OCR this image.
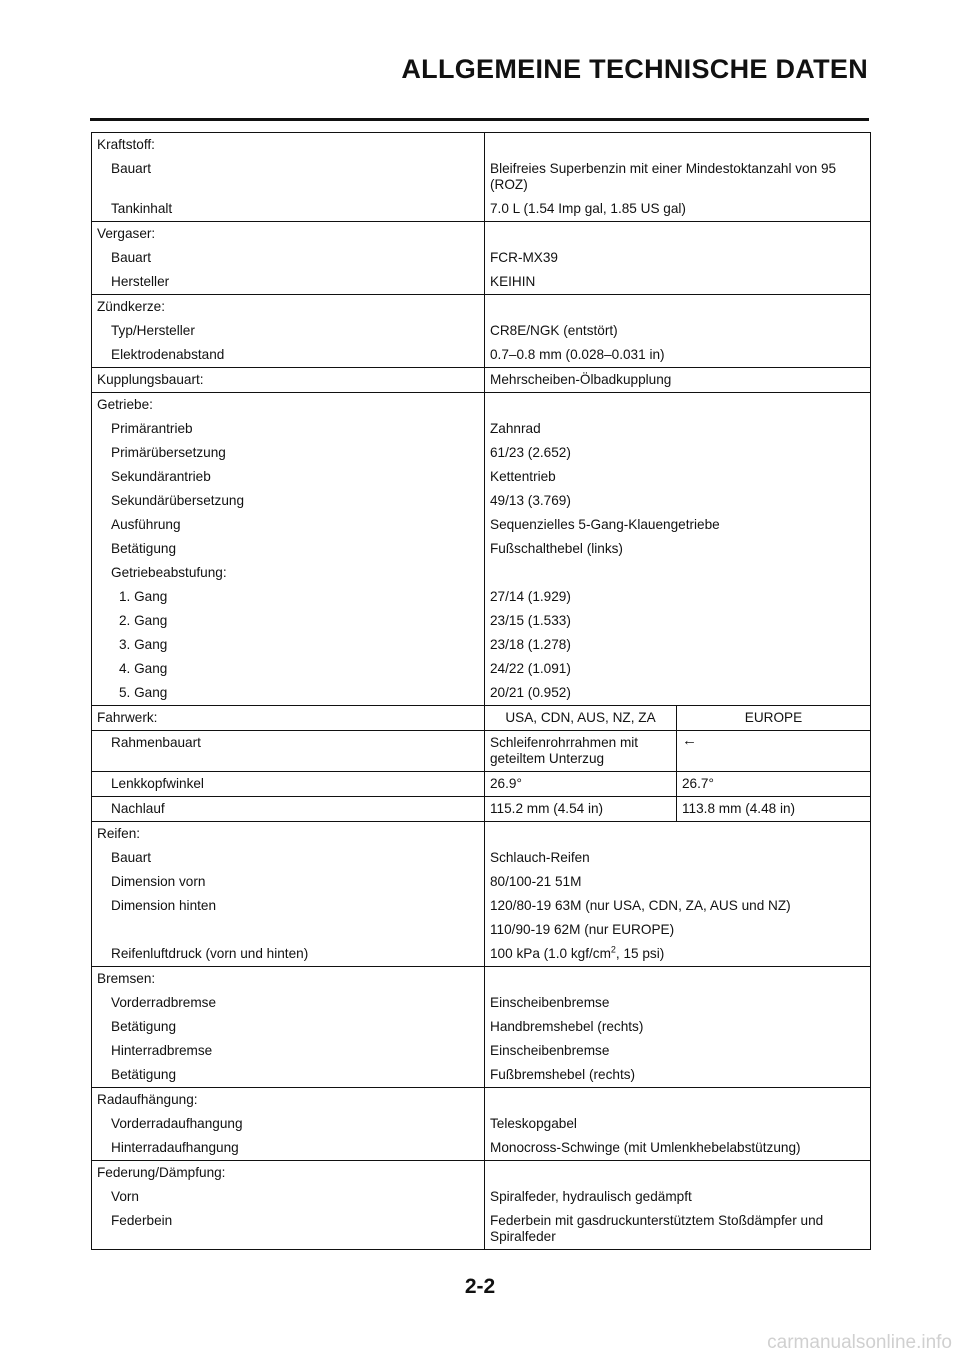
ALLGEMEINE TECHNISCHE DATEN
Kraftstoff:		
Bauart	Bleifreies Superbenzin mit einer Mindestoktanzahl von 95 (ROZ)	
Tankinhalt	7.0 L (1.54 Imp gal, 1.85 US gal)	
Vergaser:		
Bauart	FCR-MX39	
Hersteller	KEIHIN	
Zündkerze:		
Typ/Hersteller	CR8E/NGK (entstört)	
Elektrodenabstand	0.7–0.8 mm (0.028–0.031 in)	
Kupplungsbauart:	Mehrscheiben-Ölbadkupplung	
Getriebe:		
Primärantrieb	Zahnrad	
Primärübersetzung	61/23 (2.652)	
Sekundärantrieb	Kettentrieb	
Sekundärübersetzung	49/13 (3.769)	
Ausführung	Sequenzielles 5-Gang-Klauengetriebe	
Betätigung	Fußschalthebel (links)	
Getriebeabstufung:		
1. Gang	27/14 (1.929)	
2. Gang	23/15 (1.533)	
3. Gang	23/18 (1.278)	
4. Gang	24/22 (1.091)	
5. Gang	20/21 (0.952)	
Fahrwerk:	USA, CDN, AUS, NZ, ZA	EUROPE
Rahmenbauart	Schleifenrohrrahmen mit geteiltem Unterzug	←
Lenkkopfwinkel	26.9°	26.7°
Nachlauf	115.2 mm (4.54 in)	113.8 mm (4.48 in)
Reifen:		
Bauart	Schlauch-Reifen	
Dimension vorn	80/100-21 51M	
Dimension hinten	120/80-19 63M (nur USA, CDN, ZA, AUS und NZ)	
	110/90-19 62M (nur EUROPE)	
Reifenluftdruck (vorn und hinten)	100 kPa (1.0 kgf/$cm^2$, 15 psi)	
Bremsen:		
Vorderradbremse	Einscheibenbremse	
Betätigung	Handbremshebel (rechts)	
Hinterradbremse	Einscheibenbremse	
Betätigung	Fußbremshebel (rechts)	
Radaufhängung:		
Vorderradaufhangung	Teleskopgabel	
Hinterradaufhangung	Monocross-Schwinge (mit Umlenkhebelabstützung)	
Federung/Dämpfung:		
Vorn	Spiralfeder, hydraulisch gedämpft	
Federbein	Federbein mit gasdruckunterstütztem Stoßdämpfer und Spiralfeder	
2-2
carmanualsonline.info
